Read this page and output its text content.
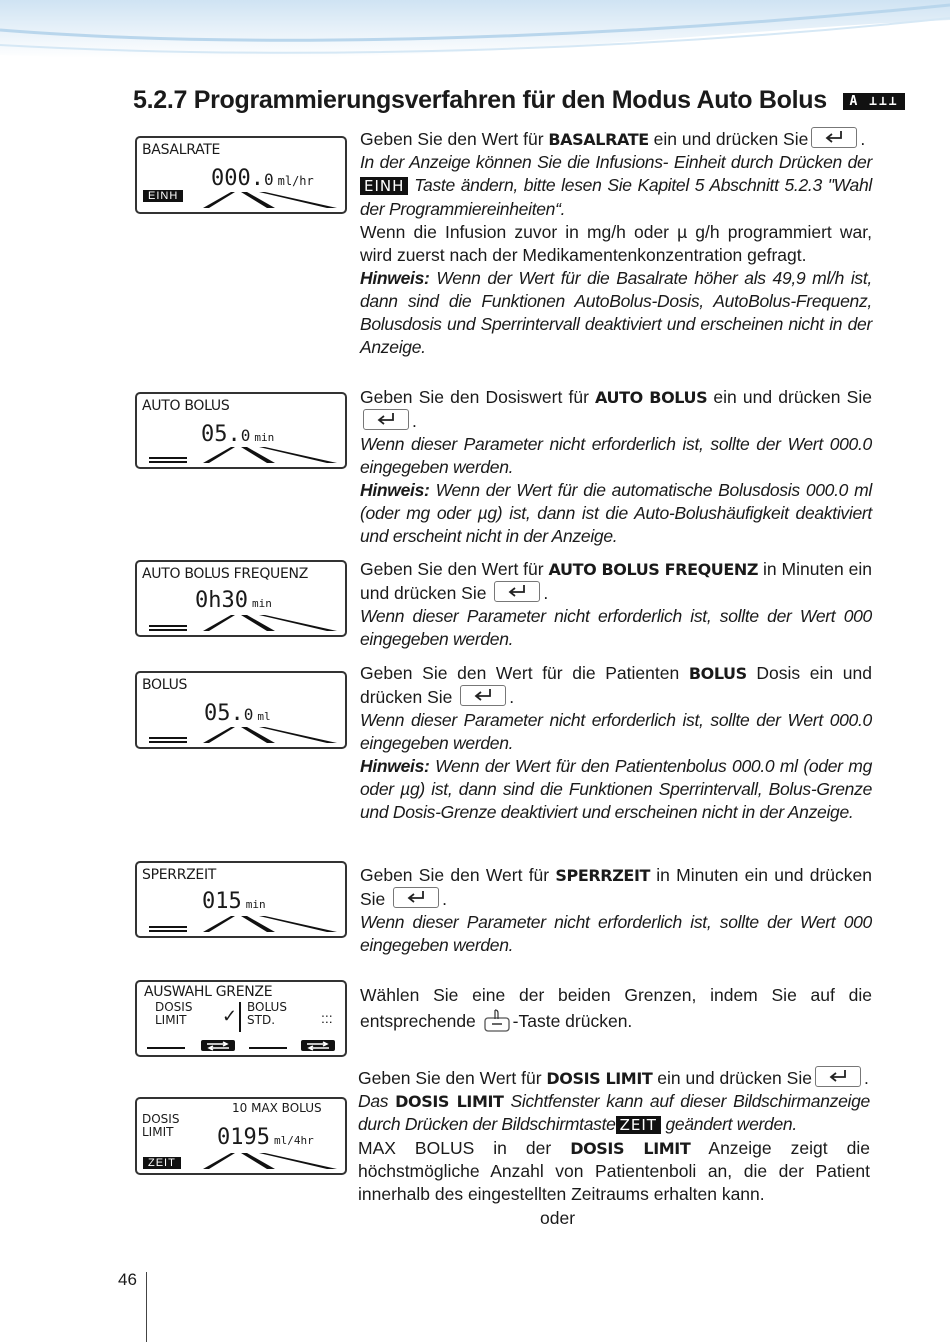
5.2.7 Programmierungsverfahren für den Modus Auto Bolus A ⊥⊥⊥
BASALRATE
000.0 ml/hr
EINH
AUTO BOLUS
05.0 min
AUTO BOLUS FREQUENZ
0h30 min
BOLUS
05.0 ml
SPERRZEIT
015 min
AUSWAHL GRENZE
DOSIS
LIMIT	✓ BOLUS
STD.	:::
10 MAX BOLUS
DOSIS
LIMIT 0195 ml/4hr
ZEIT

Geben Sie den Wert für BASALRATE ein und drücken Sie	.

In der Anzeige können Sie die Infusions- Einheit durch Drücken der EINH Taste ändern, bitte lesen Sie Kapitel 5 Abschnitt 5.2.3 "Wahl der Programmiereinheiten“.

Wenn die Infusion zuvor in mg/h oder µ g/h programmiert war, wird zuerst nach der Medikamentenkonzentration gefragt.

Hinweis: Wenn der Wert für die Basalrate höher als 49,9 ml/h ist, dann sind die Funktionen AutoBolus-Dosis, AutoBolus-Frequenz, Bolusdosis und Sperrintervall deaktiviert und erscheinen nicht in der Anzeige.

Geben Sie den Dosiswert für AUTO BOLUS ein und drücken Sie
.

Wenn dieser Parameter nicht erforderlich ist, sollte der Wert 000.0 eingegeben werden.

Hinweis: Wenn der Wert für die automatische Bolusdosis 000.0 ml (oder mg oder µg) ist, dann ist die Auto-Bolushäufigkeit deaktiviert und erscheint nicht in der Anzeige.

Geben Sie den Wert für AUTO BOLUS FREQUENZ in Minuten ein und drücken Sie	.

Wenn dieser Parameter nicht erforderlich ist, sollte der Wert 000 eingegeben werden.

Geben Sie den Wert für die Patienten BOLUS Dosis ein und drücken Sie	.

Wenn dieser Parameter nicht erforderlich ist, sollte der Wert 000.0 eingegeben werden.

Hinweis: Wenn der Wert für den Patientenbolus 000.0 ml (oder mg oder µg) ist, dann sind die Funktionen Sperrintervall, Bolus-Grenze und Dosis-Grenze deaktiviert und erscheinen nicht in der Anzeige.

Geben Sie den Wert für SPERRZEIT in Minuten ein und drücken Sie	.

Wenn dieser Parameter nicht erforderlich ist, sollte der Wert 000 eingegeben werden.

Wählen Sie eine der beiden Grenzen, indem Sie auf die entsprechende -Taste drücken.

Geben Sie den Wert für DOSIS LIMIT ein und drücken Sie	.

Das DOSIS LIMIT Sichtfenster kann auf dieser Bildschirmanzeige durch Drücken der Bildschirmtaste ZEIT geändert werden.

MAX BOLUS in der DOSIS LIMIT Anzeige zeigt die höchstmögliche Anzahl von Patientenboli an, die der Patient innerhalb des eingestellten Zeitraums erhalten kann.

oder
46
